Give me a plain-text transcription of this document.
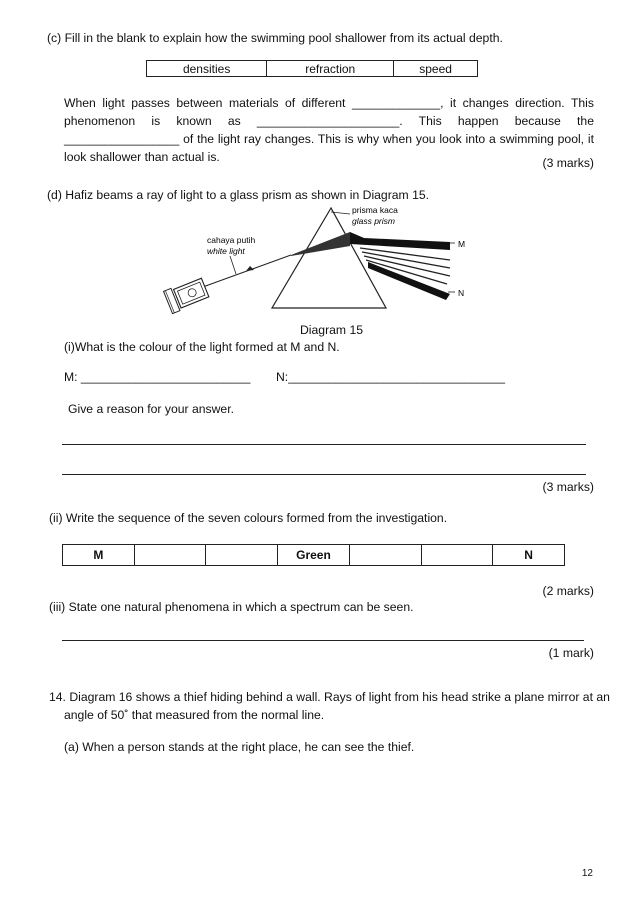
(c) Fill in the blank to explain how the swimming pool shallower from its actual depth.
densities	refraction	speed
When light passes between materials of different _____________, it changes direction. This
phenomenon is known as _____________________. This happen because the
_________________ of the light ray changes. This is why when you look into a swimming pool, it
look shallower than actual is.	(3 marks)
(d) Hafiz beams a ray of light to a glass prism as shown in Diagram 15.
prisma kaca
glass prism
cahaya putih
white light
M
N
Diagram 15
(i)What is the colour of the light formed at M and N.
M: _________________________ N:________________________________
Give a reason for your answer.
(3 marks)
(ii) Write the sequence of the seven colours formed from the investigation.
M			Green			N
(2 marks)
(iii) State one natural phenomena in which a spectrum can be seen.
(1 mark)
14. Diagram 16 shows a thief hiding behind a wall. Rays of light from his head strike a plane mirror at an
angle of 50˚ that measured from the normal line.
(a) When a person stands at the right place, he can see the thief.
12
